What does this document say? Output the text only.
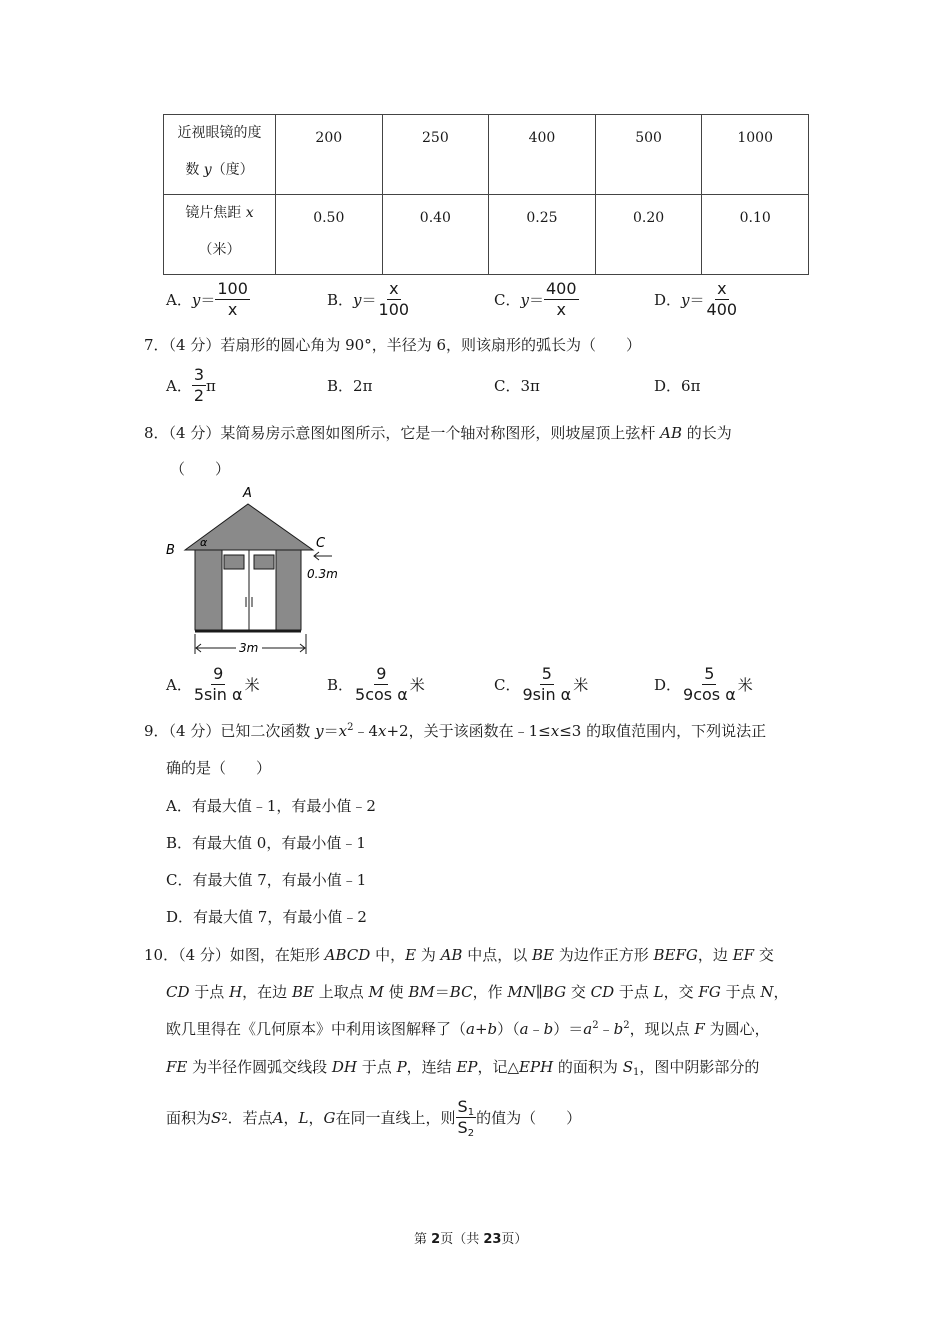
近视眼镜的度
数 y（度）	200	250	400	500	1000

镜片焦距 x
（米）	0.50	0.40	0.25	0.20	0.10
A． $y = \frac{100}{x}$	B． $y = \frac{x}{100}$	C． $y = \frac{400}{x}$	D． $y = \frac{x}{400}$
7．（4 分）若扇形的圆心角为 90°，半径为 6，则该扇形的弧长为（　　）
A． $\frac{3}{2}$ π	B． 2π	C． 3π	D． 6π
8．（4 分）某简易房示意图如图所示，它是一个轴对称图形，则坡屋顶上弦杆 AB 的长为
（　　）
A
B	C
α
0.3m
3m
A． $\frac{9}{\text{5sin α}}$ 米	B． $\frac{9}{\text{5cos α}}$ 米	C． $\frac{5}{\text{9sin α}}$ 米	D． $\frac{5}{\text{9cos α}}$ 米
9．（4 分）已知二次函数 $y=x^2﹣4x+2$，关于该函数在﹣1≤x≤3 的取值范围内，下列说法正
确的是（　　）
A．有最大值﹣1，有最小值﹣2
B．有最大值 0，有最小值﹣1
C．有最大值 7，有最小值﹣1
D．有最大值 7，有最小值﹣2
10．（4 分）如图，在矩形 ABCD 中，E 为 AB 中点，以 BE 为边作正方形 BEFG，边 EF 交
CD 于点 H，在边 BE 上取点 M 使 BM＝BC，作 MN∥BG 交 CD 于点 L，交 FG 于点 N，
欧几里得在《几何原本》中利用该图解释了$(a+b)(a﹣b)=a^2﹣b^2$，现以点 F 为圆心，
FE 为半径作圆弧交线段 DH 于点 P，连结 EP，记△EPH 的面积为 $S_1$，图中阴影部分的
面积为 S 2 ．若点 A ， L ， G 在同一直线上，则 $\frac{S_1}{S_2}$ 的值为（　　）
第 2页（共 23页）
